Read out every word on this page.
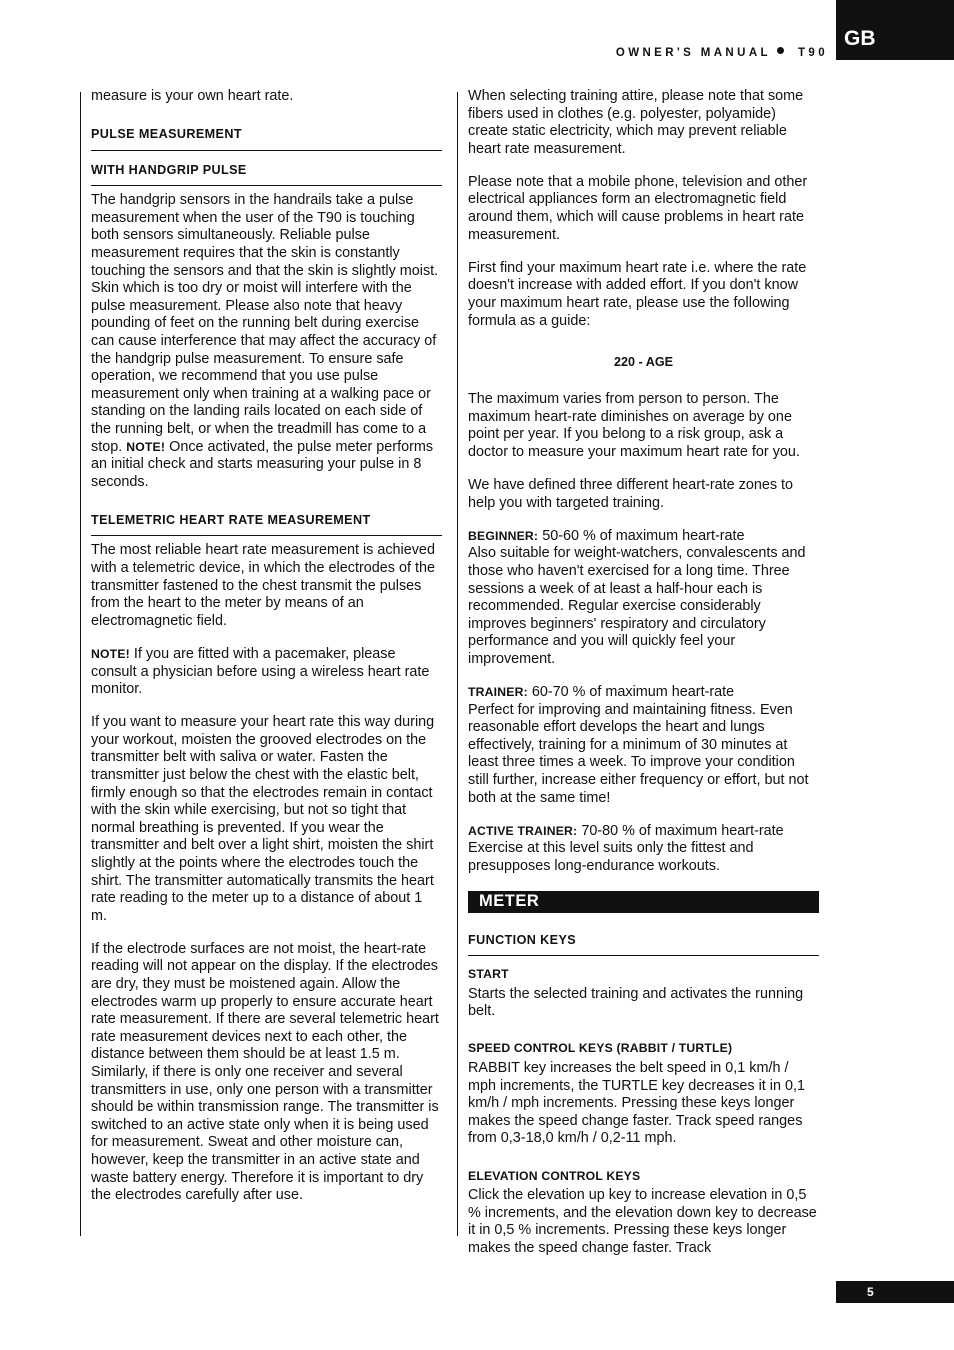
GB
OWNER'S MANUAL T90

measure is your own heart rate.

PULSE MEASUREMENT
WITH HANDGRIP PULSE

The handgrip sensors in the handrails take a pulse measurement when the user of the T90 is touching both sensors simultaneously. Reliable pulse measurement requires that the skin is constantly touching the sensors and that the skin is slightly moist. Skin which is too dry or moist will interfere with the pulse measurement. Please also note that heavy pounding of feet on the running belt during exercise can cause interference that may affect the accuracy of the handgrip pulse measurement. To ensure safe operation, we recommend that you use pulse measurement only when training at a walking pace or standing on the landing rails located on each side of the running belt, or when the treadmill has come to a stop. NOTE! Once activated, the pulse meter performs an initial check and starts measuring your pulse in 8 seconds.

TELEMETRIC HEART RATE MEASUREMENT

The most reliable heart rate measurement is achieved with a telemetric device, in which the electrodes of the transmitter fastened to the chest transmit the pulses from the heart to the meter by means of an electromagnetic field.

NOTE! If you are fitted with a pacemaker, please consult a physician before using a wireless heart rate monitor.

If you want to measure your heart rate this way during your workout, moisten the grooved electrodes on the transmitter belt with saliva or water. Fasten the transmitter just below the chest with the elastic belt, firmly enough so that the electrodes remain in contact with the skin while exercising, but not so tight that normal breathing is prevented. If you wear the transmitter and belt over a light shirt, moisten the shirt slightly at the points where the electrodes touch the shirt. The transmitter automatically transmits the heart rate reading to the meter up to a distance of about 1 m.

If the electrode surfaces are not moist, the heart-rate reading will not appear on the display. If the electrodes are dry, they must be moistened again. Allow the electrodes warm up properly to ensure accurate heart rate measurement. If there are several telemetric heart rate measurement devices next to each other, the distance between them should be at least 1.5 m. Similarly, if there is only one receiver and several transmitters in use, only one person with a transmitter should be within transmission range. The transmitter is switched to an active state only when it is being used for measurement. Sweat and other moisture can, however, keep the transmitter in an active state and waste battery energy. Therefore it is important to dry the electrodes carefully after use.

When selecting training attire, please note that some fibers used in clothes (e.g. polyester, polyamide) create static electricity, which may prevent reliable heart rate measurement.

Please note that a mobile phone, television and other electrical appliances form an electromagnetic field around them, which will cause problems in heart rate measurement.

First find your maximum heart rate i.e. where the rate doesn't increase with added effort. If you don't know your maximum heart rate, please use the following formula as a guide:

220 - AGE

The maximum varies from person to person. The maximum heart-rate diminishes on average by one point per year. If you belong to a risk group, ask a doctor to measure your maximum heart rate for you.

We have defined three different heart-rate zones to help you with targeted training.

BEGINNER: 50-60 % of maximum heart-rate
Also suitable for weight-watchers, convalescents and those who haven't exercised for a long time. Three sessions a week of at least a half-hour each is recommended. Regular exercise considerably improves beginners' respiratory and circulatory performance and you will quickly feel your improvement.

TRAINER: 60-70 % of maximum heart-rate
Perfect for improving and maintaining fitness. Even reasonable effort develops the heart and lungs effectively, training for a minimum of 30 minutes at least three times a week. To improve your condition still further, increase either frequency or effort, but not both at the same time!

ACTIVE TRAINER: 70-80 % of maximum heart-rate
Exercise at this level suits only the fittest and presupposes long-endurance workouts.

METER
FUNCTION KEYS
START

Starts the selected training and activates the running belt.

SPEED CONTROL KEYS (RABBIT / TURTLE)

RABBIT key increases the belt speed in 0,1 km/h / mph increments, the TURTLE key decreases it in 0,1 km/h / mph increments. Pressing these keys longer makes the speed change faster. Track speed ranges from 0,3-18,0 km/h / 0,2-11 mph.

ELEVATION CONTROL KEYS

Click the elevation up key to increase elevation in 0,5 % increments, and the elevation down key to decrease it in 0,5 % increments. Pressing these keys longer makes the speed change faster. Track

5
